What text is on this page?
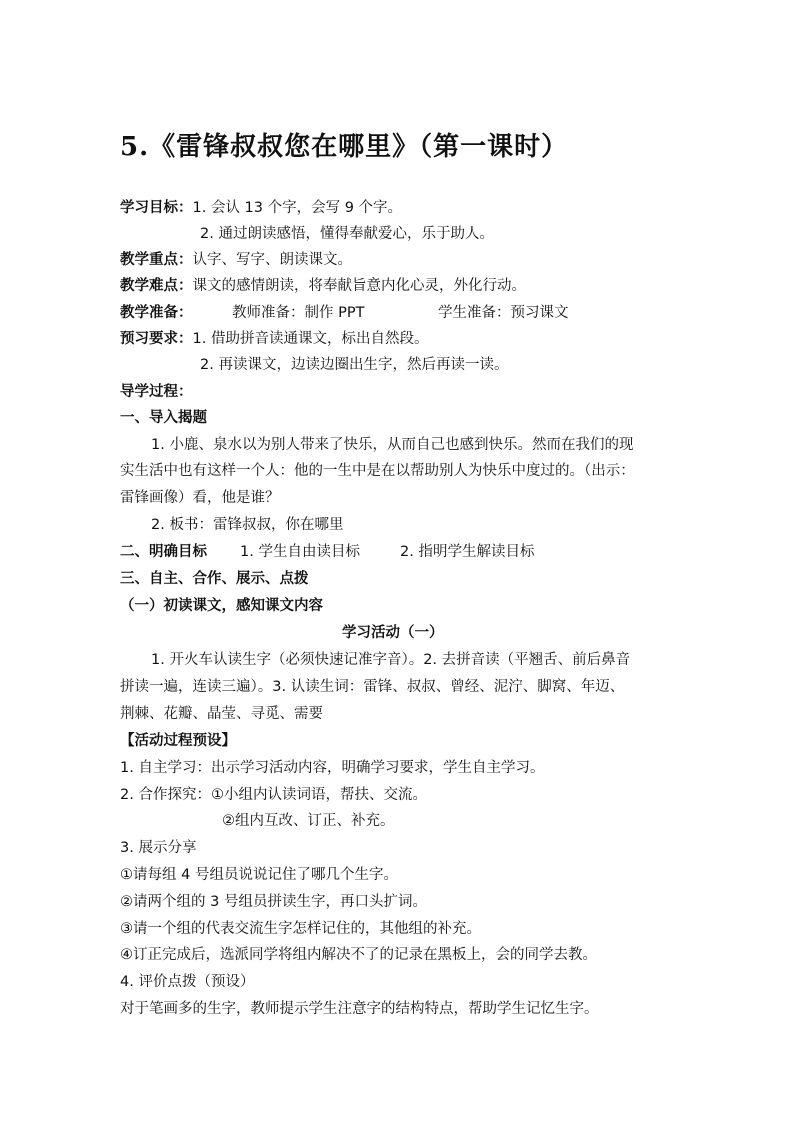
5.《雷锋叔叔您在哪里》（第一课时）
学习目标：1. 会认 13 个字，会写 9 个字。
2. 通过朗读感悟，懂得奉献爱心，乐于助人。
教学重点：认字、写字、朗读课文。
教学难点：课文的感情朗读，将奉献旨意内化心灵，外化行动。
教学准备：	教师准备：制作 PPT	学生准备：预习课文
预习要求：1. 借助拼音读通课文，标出自然段。
2. 再读课文，边读边圈出生字，然后再读一读。
导学过程：
一、导入揭题
1. 小鹿、泉水以为别人带来了快乐，从而自己也感到快乐。然而在我们的现
实生活中也有这样一个人：他的一生中是在以帮助别人为快乐中度过的。（出示：
雷锋画像）看，他是谁？
2. 板书：雷锋叔叔，你在哪里
二、明确目标 1. 学生自由读目标	2. 指明学生解读目标
三、自主、合作、展示、点拨
（一）初读课文，感知课文内容
学习活动（一）
1. 开火车认读生字（必须快速记准字音）。2. 去拼音读（平翘舌、前后鼻音
拼读一遍，连读三遍）。3. 认读生词：雷锋、叔叔、曾经、泥泞、脚窝、年迈、
荆棘、花瓣、晶莹、寻觅、需要
【活动过程预设】
1. 自主学习：出示学习活动内容，明确学习要求，学生自主学习。
2. 合作探究：①小组内认读词语，帮扶、交流。
②组内互改、订正、补充。
3. 展示分享
①请每组 4 号组员说说记住了哪几个生字。
②请两个组的 3 号组员拼读生字，再口头扩词。
③请一个组的代表交流生字怎样记住的，其他组的补充。
④订正完成后，选派同学将组内解决不了的记录在黑板上，会的同学去教。
4. 评价点拨（预设）
对于笔画多的生字，教师提示学生注意字的结构特点，帮助学生记忆生字。
